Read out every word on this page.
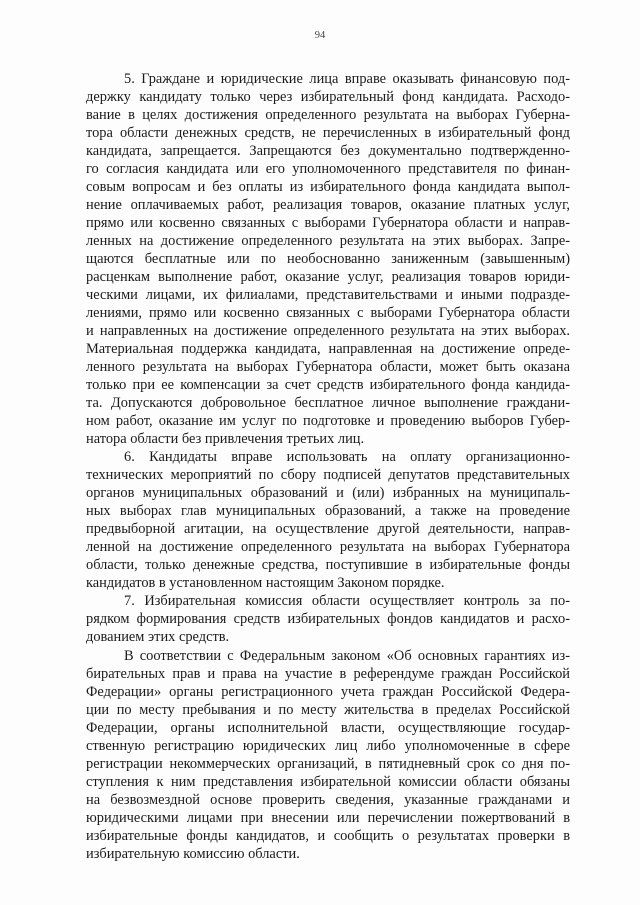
94
5. Граждане и юридические лица вправе оказывать финансовую под-
держку кандидату только через избирательный фонд кандидата. Расходо-
вание в целях достижения определенного результата на выборах Губерна-
тора области денежных средств, не перечисленных в избирательный фонд
кандидата, запрещается. Запрещаются без документально подтвержденно-
го согласия кандидата или его уполномоченного представителя по финан-
совым вопросам и без оплаты из избирательного фонда кандидата выпол-
нение оплачиваемых работ, реализация товаров, оказание платных услуг,
прямо или косвенно связанных с выборами Губернатора области и направ-
ленных на достижение определенного результата на этих выборах. Запре-
щаются бесплатные или по необоснованно заниженным (завышенным)
расценкам выполнение работ, оказание услуг, реализация товаров юриди-
ческими лицами, их филиалами, представительствами и иными подразде-
лениями, прямо или косвенно связанных с выборами Губернатора области
и направленных на достижение определенного результата на этих выборах.
Материальная поддержка кандидата, направленная на достижение опреде-
ленного результата на выборах Губернатора области, может быть оказана
только при ее компенсации за счет средств избирательного фонда кандида-
та. Допускаются добровольное бесплатное личное выполнение граждани-
ном работ, оказание им услуг по подготовке и проведению выборов Губер-
натора области без привлечения третьих лиц.
6. Кандидаты вправе использовать на оплату организационно-
технических мероприятий по сбору подписей депутатов представительных
органов муниципальных образований и (или) избранных на муниципаль-
ных выборах глав муниципальных образований, а также на проведение
предвыборной агитации, на осуществление другой деятельности, направ-
ленной на достижение определенного результата на выборах Губернатора
области, только денежные средства, поступившие в избирательные фонды
кандидатов в установленном настоящим Законом порядке.
7. Избирательная комиссия области осуществляет контроль за по-
рядком формирования средств избирательных фондов кандидатов и расхо-
дованием этих средств.
В соответствии с Федеральным законом «Об основных гарантиях из-
бирательных прав и права на участие в референдуме граждан Российской
Федерации» органы регистрационного учета граждан Российской Федера-
ции по месту пребывания и по месту жительства в пределах Российской
Федерации, органы исполнительной власти, осуществляющие государ-
ственную регистрацию юридических лиц либо уполномоченные в сфере
регистрации некоммерческих организаций, в пятидневный срок со дня по-
ступления к ним представления избирательной комиссии области обязаны
на безвозмездной основе проверить сведения, указанные гражданами и
юридическими лицами при внесении или перечислении пожертвований в
избирательные фонды кандидатов, и сообщить о результатах проверки в
избирательную комиссию области.
